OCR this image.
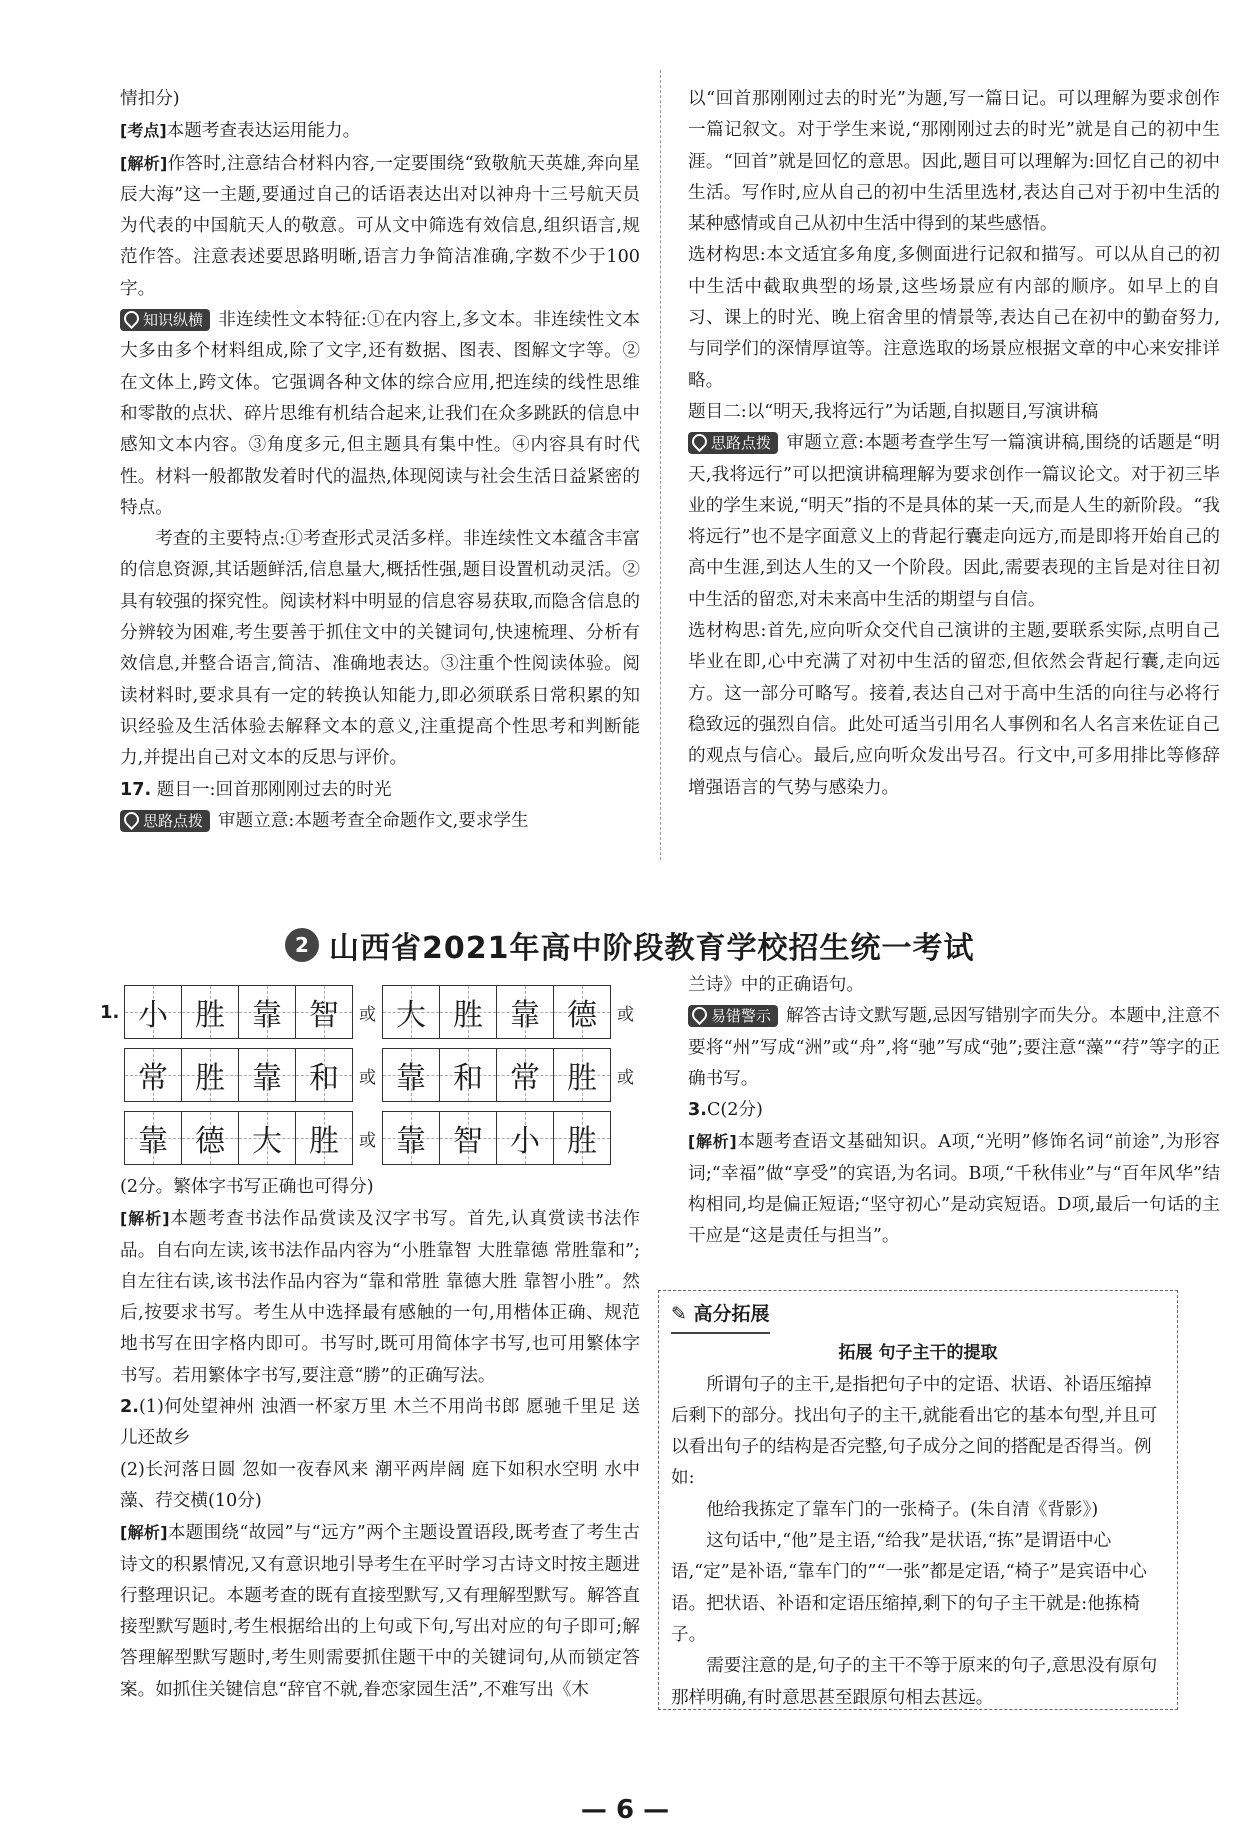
情扣分)

[考点]本题考查表达运用能力。

[解析]作答时,注意结合材料内容,一定要围绕“致敬航天英雄,奔向星辰大海”这一主题,要通过自己的话语表达出对以神舟十三号航天员为代表的中国航天人的敬意。可从文中筛选有效信息,组织语言,规范作答。注意表述要思路明晰,语言力争简洁准确,字数不少于100字。

知识纵横 非连续性文本特征:①在内容上,多文本。非连续性文本大多由多个材料组成,除了文字,还有数据、图表、图解文字等。②在文体上,跨文体。它强调各种文体的综合应用,把连续的线性思维和零散的点状、碎片思维有机结合起来,让我们在众多跳跃的信息中感知文本内容。③角度多元,但主题具有集中性。④内容具有时代性。材料一般都散发着时代的温热,体现阅读与社会生活日益紧密的特点。

考查的主要特点:①考查形式灵活多样。非连续性文本蕴含丰富的信息资源,其话题鲜活,信息量大,概括性强,题目设置机动灵活。②具有较强的探究性。阅读材料中明显的信息容易获取,而隐含信息的分辨较为困难,考生要善于抓住文中的关键词句,快速梳理、分析有效信息,并整合语言,简洁、准确地表达。③注重个性阅读体验。阅读材料时,要求具有一定的转换认知能力,即必须联系日常积累的知识经验及生活体验去解释文本的意义,注重提高个性思考和判断能力,并提出自己对文本的反思与评价。

17. 题目一:回首那刚刚过去的时光

思路点拨 审题立意:本题考查全命题作文,要求学生

以“回首那刚刚过去的时光”为题,写一篇日记。可以理解为要求创作一篇记叙文。对于学生来说,“那刚刚过去的时光”就是自己的初中生涯。“回首”就是回忆的意思。因此,题目可以理解为:回忆自己的初中生活。写作时,应从自己的初中生活里选材,表达自己对于初中生活的某种感情或自己从初中生活中得到的某些感悟。

选材构思:本文适宜多角度,多侧面进行记叙和描写。可以从自己的初中生活中截取典型的场景,这些场景应有内部的顺序。如早上的自习、课上的时光、晚上宿舍里的情景等,表达自己在初中的勤奋努力,与同学们的深情厚谊等。注意选取的场景应根据文章的中心来安排详略。

题目二:以“明天,我将远行”为话题,自拟题目,写演讲稿

思路点拨 审题立意:本题考查学生写一篇演讲稿,围绕的话题是“明天,我将远行”可以把演讲稿理解为要求创作一篇议论文。对于初三毕业的学生来说,“明天”指的不是具体的某一天,而是人生的新阶段。“我将远行”也不是字面意义上的背起行囊走向远方,而是即将开始自己的高中生涯,到达人生的又一个阶段。因此,需要表现的主旨是对往日初中生活的留恋,对未来高中生活的期望与自信。

选材构思:首先,应向听众交代自己演讲的主题,要联系实际,点明自己毕业在即,心中充满了对初中生活的留恋,但依然会背起行囊,走向远方。这一部分可略写。接着,表达自己对于高中生活的向往与必将行稳致远的强烈自信。此处可适当引用名人事例和名人名言来佐证自己的观点与信心。最后,应向听众发出号召。行文中,可多用排比等修辞增强语言的气势与感染力。

2 山西省2021年高中阶段教育学校招生统一考试
1. 小 胜 靠 智 或 大 胜 靠 德 或
常 胜 靠 和 或 靠 和 常 胜 或
靠 德 大 胜 或 靠 智 小 胜

(2分。繁体字书写正确也可得分)

[解析]本题考查书法作品赏读及汉字书写。首先,认真赏读书法作品。自右向左读,该书法作品内容为“小胜靠智 大胜靠德 常胜靠和”;自左往右读,该书法作品内容为“靠和常胜 靠德大胜 靠智小胜”。然后,按要求书写。考生从中选择最有感触的一句,用楷体正确、规范地书写在田字格内即可。书写时,既可用简体字书写,也可用繁体字书写。若用繁体字书写,要注意“勝”的正确写法。

2.(1)何处望神州 浊酒一杯家万里 木兰不用尚书郎 愿驰千里足 送儿还故乡

(2)长河落日圆 忽如一夜春风来 潮平两岸阔 庭下如积水空明 水中藻、荇交横(10分)

[解析]本题围绕“故园”与“远方”两个主题设置语段,既考查了考生古诗文的积累情况,又有意识地引导考生在平时学习古诗文时按主题进行整理识记。本题考查的既有直接型默写,又有理解型默写。解答直接型默写题时,考生根据给出的上句或下句,写出对应的句子即可;解答理解型默写题时,考生则需要抓住题干中的关键词句,从而锁定答案。如抓住关键信息“辞官不就,眷恋家园生活”,不难写出《木

兰诗》中的正确语句。

易错警示 解答古诗文默写题,忌因写错别字而失分。本题中,注意不要将“州”写成“洲”或“舟”,将“驰”写成“弛”;要注意“藻”“荇”等字的正确书写。

3.C(2分)

[解析]本题考查语文基础知识。A项,“光明”修饰名词“前途”,为形容词;“幸福”做“享受”的宾语,为名词。B项,“千秋伟业”与“百年风华”结构相同,均是偏正短语;“坚守初心”是动宾短语。D项,最后一句话的主干应是“这是责任与担当”。

✎ 高分拓展
拓展 句子主干的提取

所谓句子的主干,是指把句子中的定语、状语、补语压缩掉后剩下的部分。找出句子的主干,就能看出它的基本句型,并且可以看出句子的结构是否完整,句子成分之间的搭配是否得当。例如:

他给我拣定了靠车门的一张椅子。(朱自清《背影》)

这句话中,“他”是主语,“给我”是状语,“拣”是谓语中心语,“定”是补语,“靠车门的”“一张”都是定语,“椅子”是宾语中心语。把状语、补语和定语压缩掉,剩下的句子主干就是:他拣椅子。

需要注意的是,句子的主干不等于原来的句子,意思没有原句那样明确,有时意思甚至跟原句相去甚远。

— 6 —
